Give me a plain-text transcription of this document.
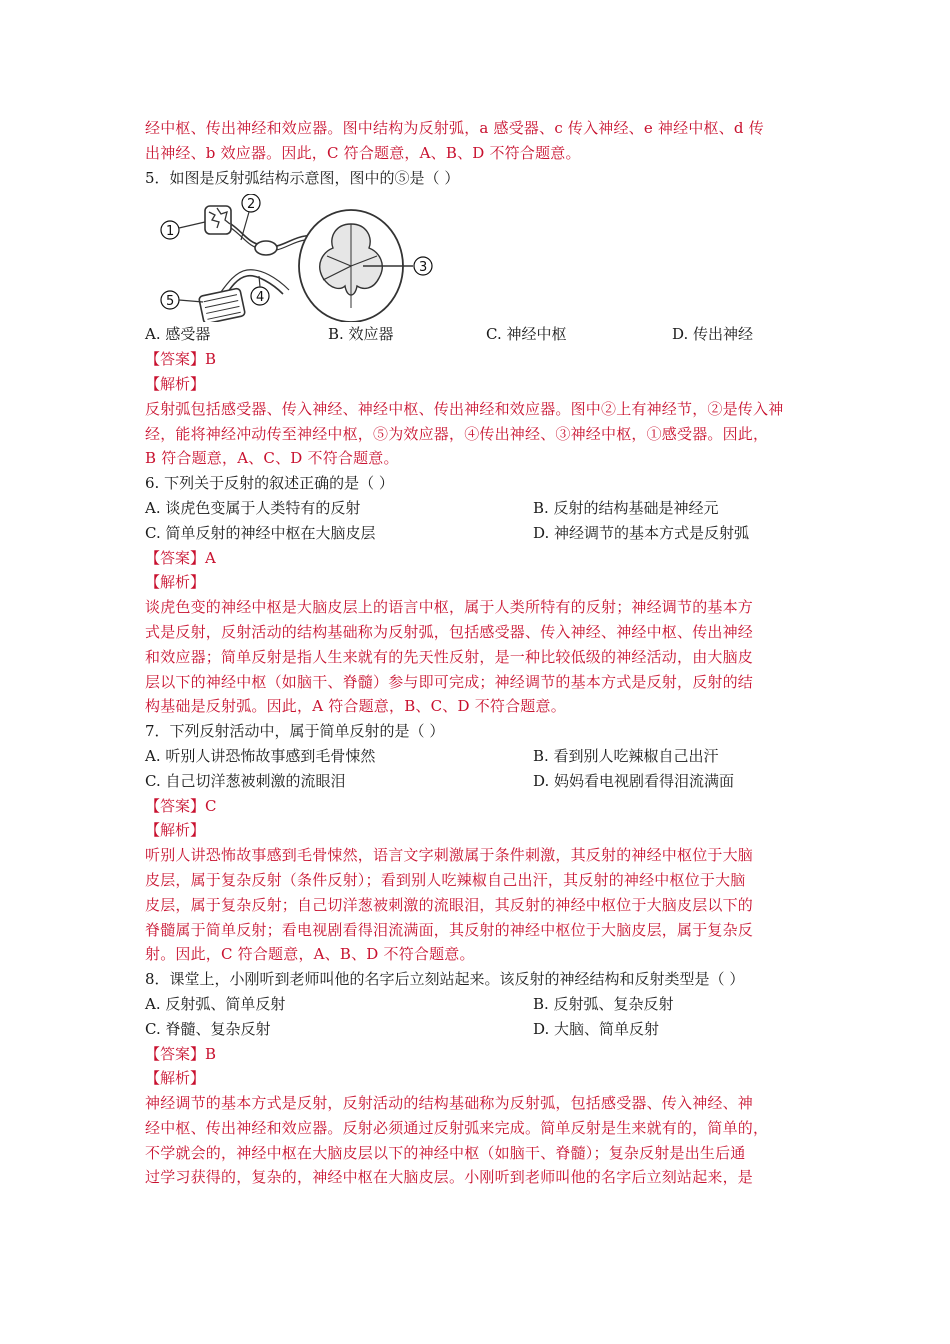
经中枢、传出神经和效应器。图中结构为反射弧，a 感受器、c 传入神经、e 神经中枢、d 传
出神经、b 效应器。因此，C 符合题意，A、B、D 不符合题意。
5．如图是反射弧结构示意图，图中的⑤是（ ）
1
2
3
4
5
A. 感受器	B. 效应器	C. 神经中枢	D. 传出神经
【答案】B
【解析】
反射弧包括感受器、传入神经、神经中枢、传出神经和效应器。图中②上有神经节，②是传入神
经，能将神经冲动传至神经中枢，⑤为效应器，④传出神经、③神经中枢，①感受器。因此，
B 符合题意，A、C、D 不符合题意。
6. 下列关于反射的叙述正确的是（ ）
A. 谈虎色变属于人类特有的反射	B. 反射的结构基础是神经元
C. 简单反射的神经中枢在大脑皮层	D. 神经调节的基本方式是反射弧
【答案】A
【解析】
谈虎色变的神经中枢是大脑皮层上的语言中枢，属于人类所特有的反射；神经调节的基本方
式是反射，反射活动的结构基础称为反射弧，包括感受器、传入神经、神经中枢、传出神经
和效应器；简单反射是指人生来就有的先天性反射，是一种比较低级的神经活动，由大脑皮
层以下的神经中枢（如脑干、脊髓）参与即可完成；神经调节的基本方式是反射，反射的结
构基础是反射弧。因此，A 符合题意，B、C、D 不符合题意。
7．下列反射活动中，属于简单反射的是（ ）
A. 听别人讲恐怖故事感到毛骨悚然	B. 看到别人吃辣椒自己出汗
C. 自己切洋葱被刺激的流眼泪	D. 妈妈看电视剧看得泪流满面
【答案】C
【解析】
听别人讲恐怖故事感到毛骨悚然，语言文字刺激属于条件刺激，其反射的神经中枢位于大脑
皮层，属于复杂反射（条件反射）；看到别人吃辣椒自己出汗，其反射的神经中枢位于大脑
皮层，属于复杂反射；自己切洋葱被刺激的流眼泪，其反射的神经中枢位于大脑皮层以下的
脊髓属于简单反射；看电视剧看得泪流满面，其反射的神经中枢位于大脑皮层，属于复杂反
射。因此，C 符合题意，A、B、D 不符合题意。
8．课堂上，小刚听到老师叫他的名字后立刻站起来。该反射的神经结构和反射类型是（ ）
A. 反射弧、简单反射	B. 反射弧、复杂反射
C. 脊髓、复杂反射	D. 大脑、简单反射
【答案】B
【解析】
神经调节的基本方式是反射，反射活动的结构基础称为反射弧，包括感受器、传入神经、神
经中枢、传出神经和效应器。反射必须通过反射弧来完成。简单反射是生来就有的，简单的，
不学就会的，神经中枢在大脑皮层以下的神经中枢（如脑干、脊髓）；复杂反射是出生后通
过学习获得的，复杂的，神经中枢在大脑皮层。小刚听到老师叫他的名字后立刻站起来，是
